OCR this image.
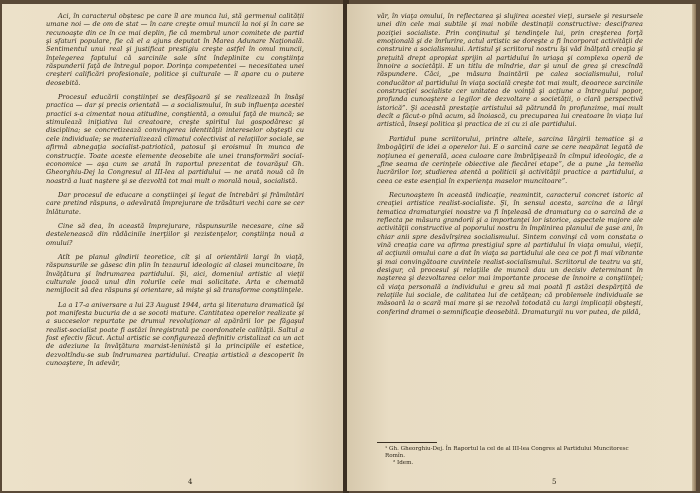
Aci, în caracterul obștesc pe care îl are munca lui, stă germenul calității umane noi — de om de stat — în care creşte omul muncii la noi şi în care se recunoaşte din ce în ce mai deplin, fie că membrul unor comitete de partid şi sfaturi populare, fie că el a ajuns deputat în Marea Adunare Naţională. Sentimentul unui real şi justificat prestigiu creşte astfel în omul muncii, înţelegerea faptului că sarcinile sale sînt îndeplinite cu conştiinţa răspunderii faţă de întregul popor. Dorinţa competentei — necesitatea unei creşteri calificări profesionale, politice şi culturale — îl apare cu o putere deosebită.

Procesul educării conştiinţei se desfăşoară şi se realizează în însăşi practica — dar şi precis orientată — a socialismului, în sub influenţa acestei practici s-a cimentat noua atitudine, conştientă, a omului faţă de muncă; se stimulează iniţiativa lui creatoare, creşte spiritul lui gospodăresc şi disciplina; se concretizează convingerea identităţii intereselor obşteşti cu cele individuale; se materializează climatul colectivist al relaţiilor sociale, se afirmă abnegaţia socialist-patriotică, patosul şi eroismul în munca de construcţie. Toate aceste elemente deosebite ale unei transformări social-economice — aşa cum se arată în raportul prezentat de tovarăşul Gh. Gheorghiu-Dej la Congresul al III-lea al partidului — ne arată nouă că în noastră a luat naştere şi se dezvoltă tot mai mult o morală nouă, socialistă.

Dar procesul de educare a conştiinţei şi legat de întrebări şi frămîntări care pretind răspuns, o adevărată împrejurare de trăsături vechi care se cer înlăturate.

Cine să dea, în această împrejurare, răspunsurile necesare, cine să destelenească din rădăcinile inerţiilor şi rezistenţelor, conştiinţa nouă a omului?

Atît pe planul gîndirii teoretice, cît şi al orientării largi în viaţă, răspunsurile se găsesc din plin în tezaurul ideologic al clasei muncitoare, în învăţătura şi îndrumarea partidului. Şi, aici, domeniul artistic al vieţii culturale joacă unul din rolurile cele mai solicitate. Arta e chemată nemijlocit să dea răspuns şi orientare, să mişte şi să transforme conştiinţele.

La a 17-a aniversare a lui 23 August 1944, arta şi literatura dramatică îşi pot manifesta bucuria de a se socoti mature. Cantitatea operelor realizate şi a succeselor repurtate pe drumul revoluţionar al apărării lor pe făgaşul realist-socialist poate fi astăzi înregistrată pe coordonatele calităţii. Saltul a fost efectiv făcut. Actul artistic se configurează definitiv cristalizat ca un act de adeziune la învăţătura marxist-leninistă şi la principiile ei estetice, dezvoltîndu-se sub îndrumarea partidului. Creaţia artistică a descoperit în cunoaştere, în adevăr,

4

văr, în viaţa omului, în reflectarea şi slujirea acestei vieţi, sursele şi resursele unei din cele mai subtile şi mai nobile destinaţii constructive: descifrarea poziţiei socialiste. Prin conţinutul şi tendinţele lui, prin creşterea forţă emoţională şi de înrîurire, actul artistic se doreşte a fi încorporat activităţii de construire a socialismului. Artistul şi scriitorul nostru îşi văd înălţată creaţia şi preţuită drept apropiat sprijin al partidului în uriaşa şi complexa operă de înnoire a societăţii. E un titlu de mîndrie, dar şi unul de grea şi crescîndă răspundere. Căci, „pe măsura înaintării pe calea socialismului, rolul conducător al partidului în viaţa socială creşte tot mai mult, deoarece sarcinile construcţiei socialiste cer unitatea de voinţă şi acţiune a întregului popor, profunda cunoaştere a legilor de dezvoltare a societăţii, o clară perspectivă istorică”. Şi această prestaţie artistului să pătrundă în profunzime, mai mult decît a făcut-o pînă acum, să înoiască, cu precuparea lui creatoare în viaţa lui artistică, înseşi politica şi practica de zi cu zi ale partidului.

Partidul pune scriitorului, printre altele, sarcina lărgirii tematice şi a îmbogăţirii de idei a operelor lui. E o sarcină care se cere neapărat legată de noţiunea ei generală, acea culoare care îmbrăţişează în cîmpul ideologic, de a „fine seama de cerinţele obiective ale fiecărei etape”, de a pune „la temelia lucrărilor lor, studierea atentă a politicii şi activităţii practice a partidului, a ceea ce este esenţial în experienţa maselor muncitoare”.

Recunoaştem în această indicaţie, reamintit, caracterul concret istoric al creaţiei artistice realist-socialiste. Şi, în sensul acesta, sarcina de a lărgi tematica dramaturgiei noastre va fi înţeleasă de dramaturg ca o sarcină de a reflecta pe măsura grandorii şi a importanţei lor istorice, aspectele majore ale activităţii constructive al poporului nostru în împlinirea planului de şase ani, în chiar anii spre desăvîrşirea socialismului. Sintem convinşi că vom constata o vină creaţia care va afirma prestigiul spre al partidului în viaţa omului, vieţii, al acţiunii omului care a dat în viaţa sa partidului ale cea ce pot fi mai vibrante şi mai convingătoare cuvintele realist-socialismului. Scriitorul de teatru va şti, desigur, că procesul şi relaţiile de muncă dau un decisiv determinant în naşterea şi dezvoltarea celor mai importante procese de înnoire a conştiinţei; că viaţa personală a individului e greu să mai poată fi astăzi despărţită de relaţiile lui sociale, de calitatea lui de cetăţean; că problemele individuale se măsoară la o scară mai mare şi se rezolvă totodată cu largi implicaţii obşteşti, conferind dramei o semnificaţie deosebită. Dramaturgii nu vor putea, de pildă,

¹ Gh. Gheorghiu-Dej. În Raportul la cel de al III-lea Congres al Partidului Muncitoresc Romîn.
² Idem.
5
